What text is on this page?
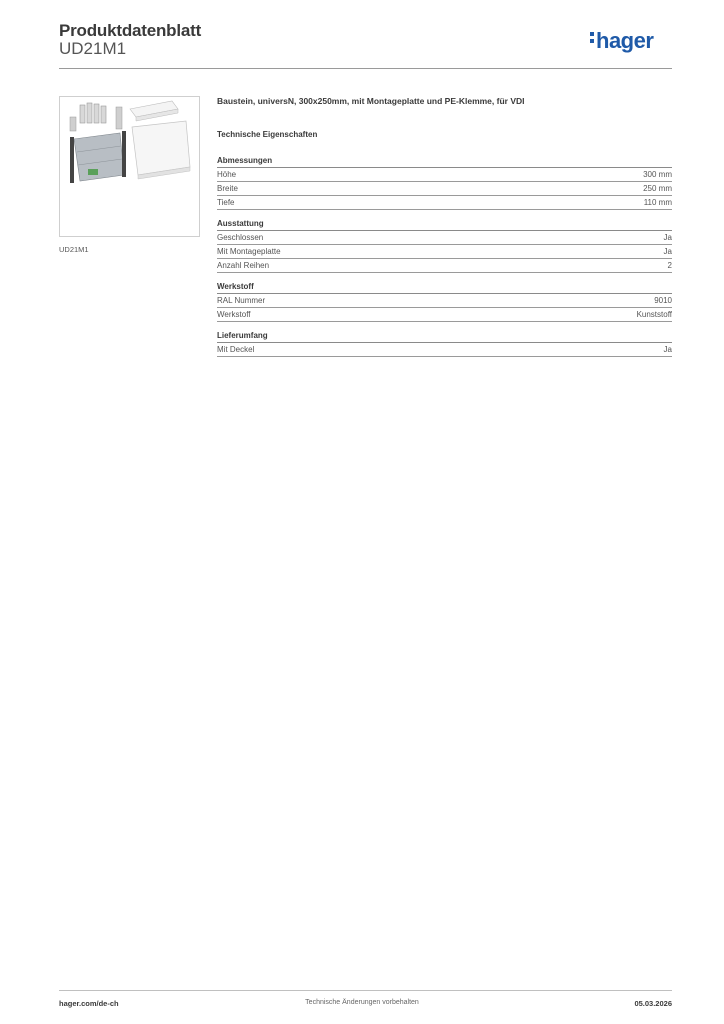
Produktdatenblatt
UD21M1	hager
UD21M1
Baustein, universN, 300x250mm, mit Montageplatte und PE-Klemme, für VDI
Technische Eigenschaften
Abmessungen
Höhe	300 mm
Breite	250 mm
Tiefe	110 mm
Ausstattung
Geschlossen	Ja
Mit Montageplatte	Ja
Anzahl Reihen	2
Werkstoff
RAL Nummer	9010
Werkstoff	Kunststoff
Lieferumfang
Mit Deckel	Ja
hager.com/de-ch	Technische Änderungen vorbehalten	05.03.2026
